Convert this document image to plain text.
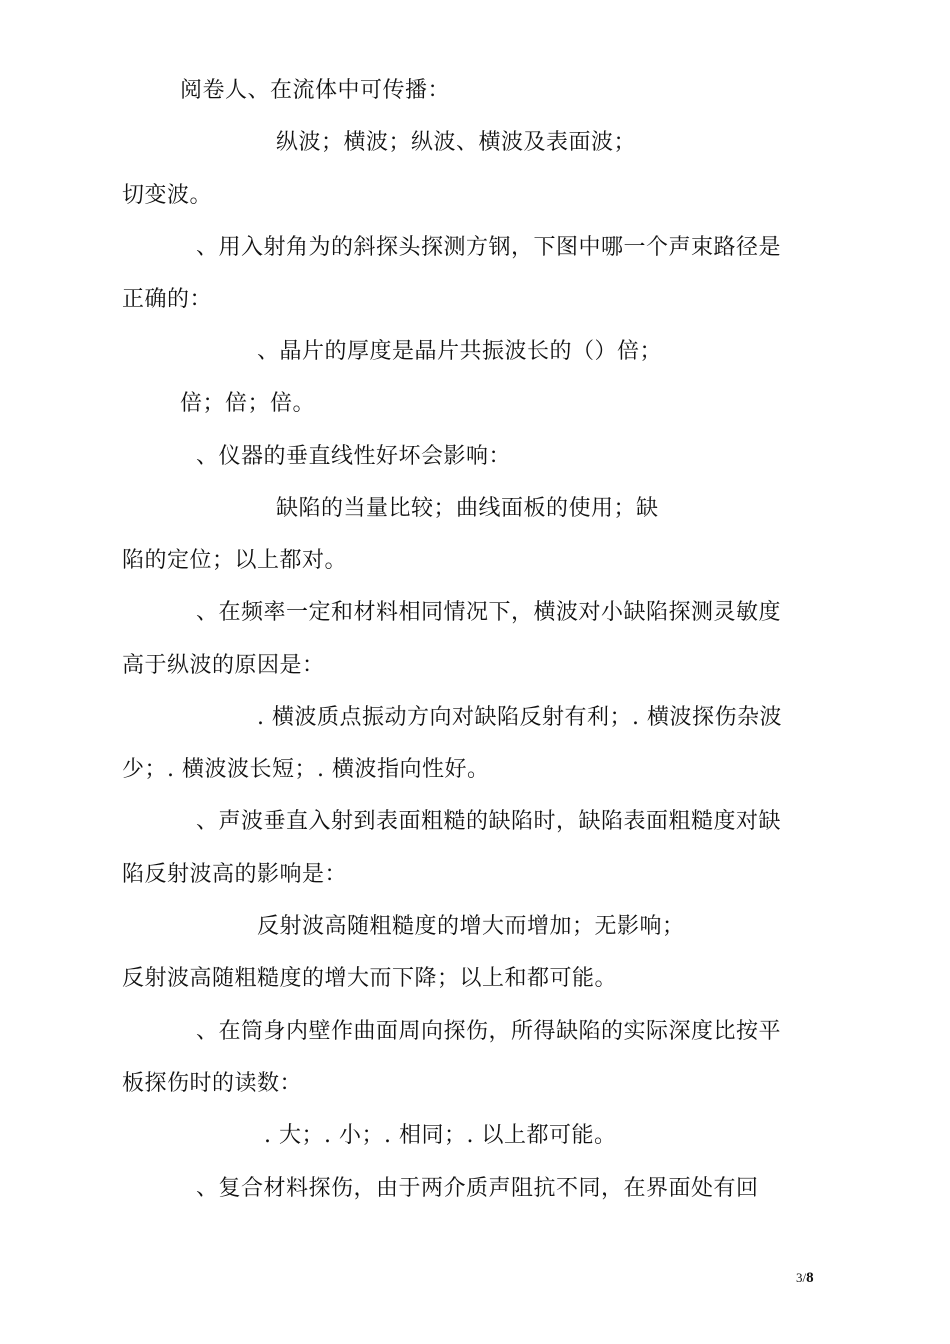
阅卷人、在流体中可传播：
纵波；横波；纵波、横波及表面波；
切变波。
、用入射角为的斜探头探测方钢，下图中哪一个声束路径是
正确的：
、晶片的厚度是晶片共振波长的（）倍；
倍；倍；倍。
、仪器的垂直线性好坏会影响：
缺陷的当量比较；曲线面板的使用；缺
陷的定位；以上都对。
、在频率一定和材料相同情况下，横波对小缺陷探测灵敏度
高于纵波的原因是：
. 横波质点振动方向对缺陷反射有利；. 横波探伤杂波
少；. 横波波长短；. 横波指向性好。
、声波垂直入射到表面粗糙的缺陷时，缺陷表面粗糙度对缺
陷反射波高的影响是：
反射波高随粗糙度的增大而增加；无影响；
反射波高随粗糙度的增大而下降；以上和都可能。
、在筒身内壁作曲面周向探伤，所得缺陷的实际深度比按平
板探伤时的读数：
. 大；. 小；. 相同；. 以上都可能。
、复合材料探伤，由于两介质声阻抗不同，在界面处有回
3/8
